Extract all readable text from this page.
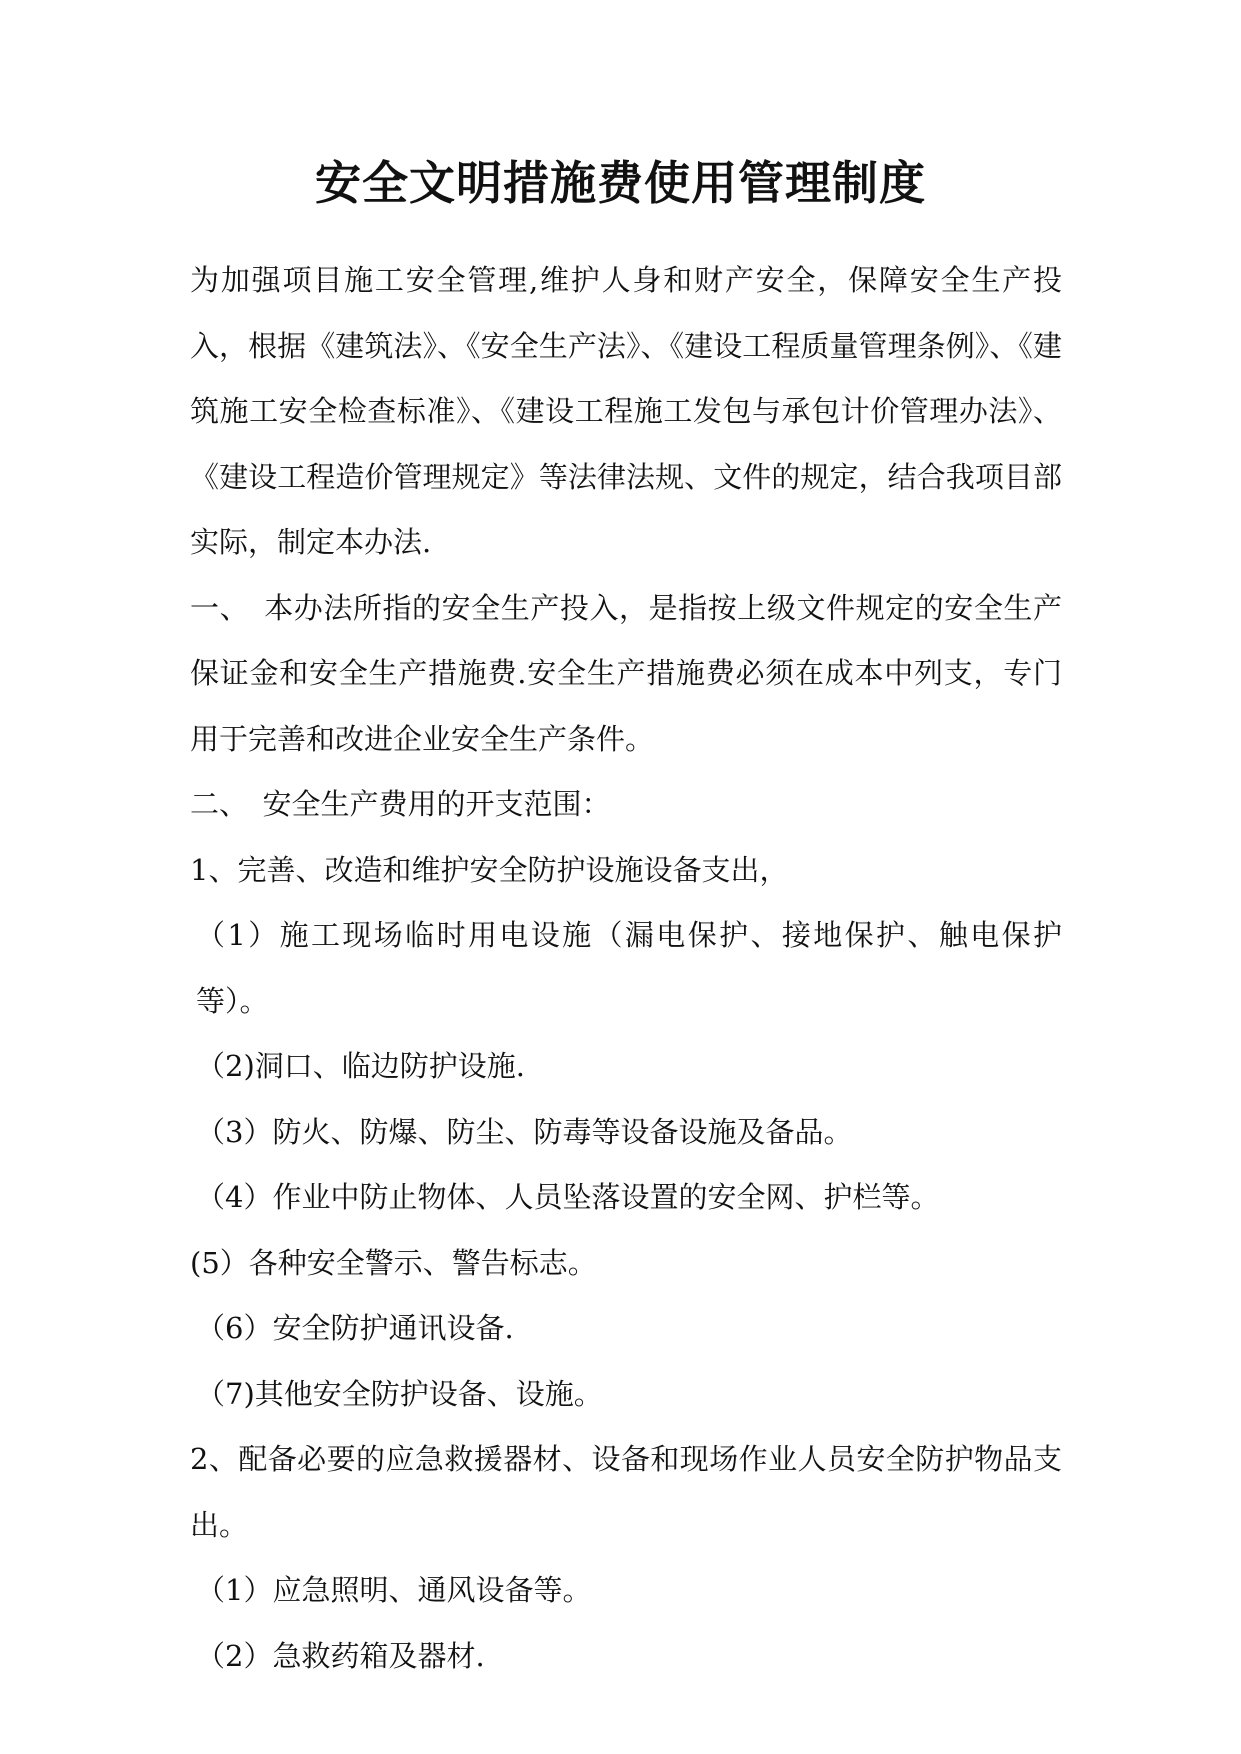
安全文明措施费使用管理制度

为加强项目施工安全管理,维护人身和财产安全，保障安全生产投入，根据《建筑法》、《安全生产法》、《建设工程质量管理条例》、《建筑施工安全检查标准》、《建设工程施工发包与承包计价管理办法》、《建设工程造价管理规定》等法律法规、文件的规定，结合我项目部实际，制定本办法.

一、　本办法所指的安全生产投入，是指按上级文件规定的安全生产保证金和安全生产措施费.安全生产措施费必须在成本中列支，专门用于完善和改进企业安全生产条件。

二、　安全生产费用的开支范围：

1、完善、改造和维护安全防护设施设备支出，

（1）施工现场临时用电设施（漏电保护、接地保护、触电保护等）。

（2)洞口、临边防护设施.

（3）防火、防爆、防尘、防毒等设备设施及备品。

（4）作业中防止物体、人员坠落设置的安全网、护栏等。

(5）各种安全警示、警告标志。

（6）安全防护通讯设备.

（7)其他安全防护设备、设施。

2、配备必要的应急救援器材、设备和现场作业人员安全防护物品支出。

（1）应急照明、通风设备等。

（2）急救药箱及器材.
